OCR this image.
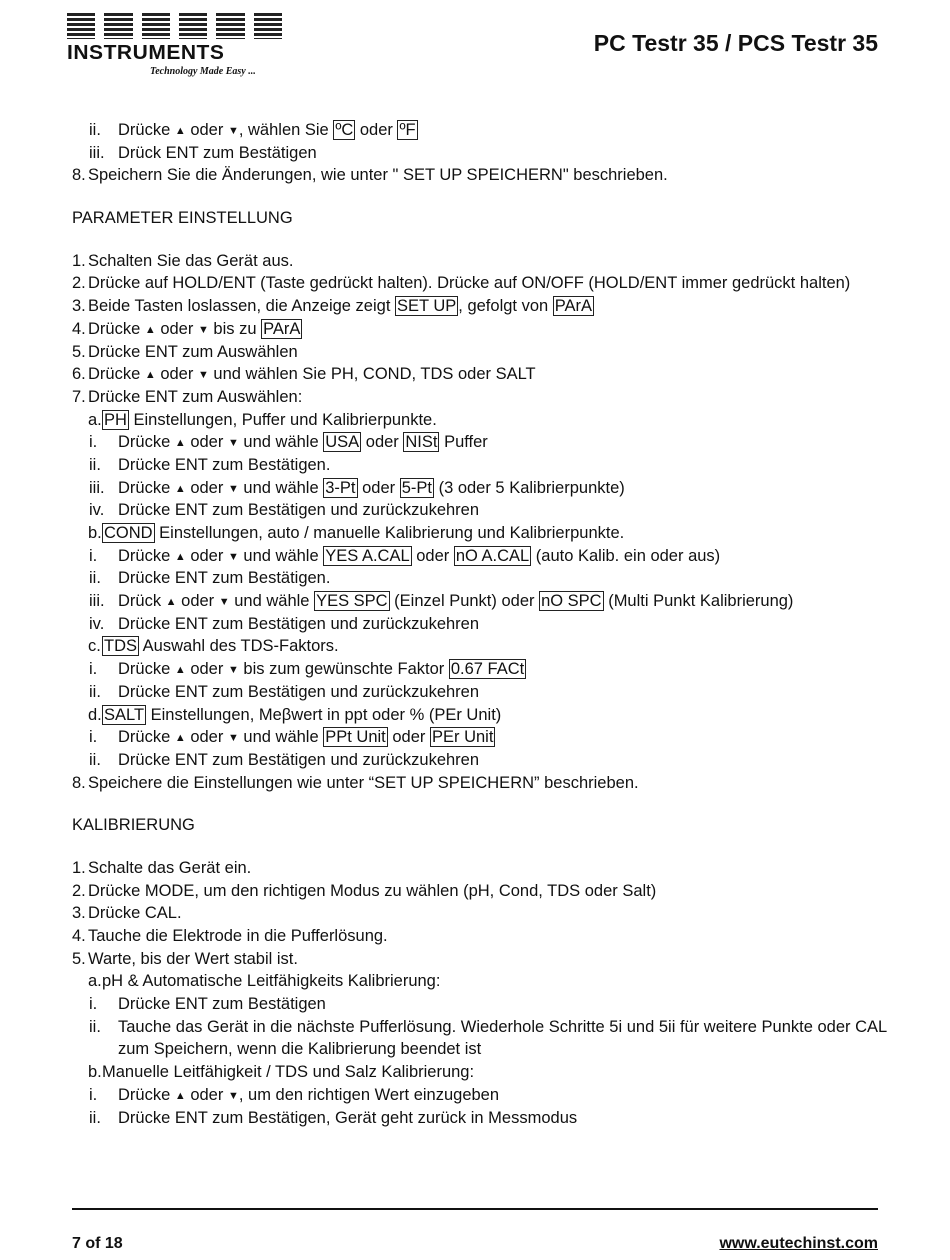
INSTRUMENTS
Technology Made Easy ...
PC Testr 35 / PCS Testr 35
ii.	Drücke ▲ oder ▼, wählen Sie ºC oder ºF
iii. Drück ENT zum Bestätigen
8. Speichern Sie die Änderungen, wie unter " SET UP SPEICHERN" beschrieben.
PARAMETER EINSTELLUNG
1. Schalten Sie das Gerät aus.
2. Drücke auf HOLD/ENT (Taste gedrückt halten). Drücke auf ON/OFF (HOLD/ENT immer gedrückt halten)
3. Beide Tasten loslassen, die Anzeige zeigt SET UP , gefolgt von PArA
4. Drücke ▲ oder ▼ bis zu PArA
5. Drücke ENT zum Auswählen
6. Drücke ▲ oder ▼ und wählen Sie PH, COND, TDS oder SALT
7. Drücke ENT zum Auswählen:
a. PH Einstellungen, Puffer und Kalibrierpunkte.
i.	Drücke ▲ oder ▼ und wähle USA oder NISt Puffer
ii.	Drücke ENT zum Bestätigen.
iii. Drücke ▲ oder ▼ und wähle 3-Pt oder 5-Pt (3 oder 5 Kalibrierpunkte)
iv. Drücke ENT zum Bestätigen und zurückzukehren
b. COND Einstellungen, auto / manuelle Kalibrierung und Kalibrierpunkte.
i.	Drücke ▲ oder ▼ und wähle YES A.CAL oder nO A.CAL (auto Kalib. ein oder aus)
ii.	Drücke ENT zum Bestätigen.
iii. Drück ▲ oder ▼ und wähle YES SPC (Einzel Punkt) oder nO SPC (Multi Punkt Kalibrierung)
iv. Drücke ENT zum Bestätigen und zurückzukehren
c. TDS Auswahl des TDS-Faktors.
i.	Drücke ▲ oder ▼ bis zum gewünschte Faktor 0.67 FACt
ii.	Drücke ENT zum Bestätigen und zurückzukehren
d. SALT Einstellungen, Meβwert in ppt oder % (PEr Unit)
i.	Drücke ▲ oder ▼ und wähle PPt Unit oder PEr Unit
ii.	Drücke ENT zum Bestätigen und zurückzukehren
8. Speichere die Einstellungen wie unter “SET UP SPEICHERN” beschrieben.
KALIBRIERUNG
1. Schalte das Gerät ein.
2. Drücke MODE, um den richtigen Modus zu wählen (pH, Cond, TDS oder Salt)
3. Drücke CAL.
4. Tauche die Elektrode in die Pufferlösung.
5. Warte, bis der Wert stabil ist.
a. pH & Automatische Leitfähigkeits Kalibrierung:
i.	Drücke ENT zum Bestätigen
ii.	Tauche das Gerät in die nächste Pufferlösung. Wiederhole Schritte 5i und 5ii für weitere Punkte oder CAL
zum Speichern, wenn die Kalibrierung beendet ist
b. Manuelle Leitfähigkeit / TDS und Salz Kalibrierung:
i.	Drücke ▲ oder ▼, um den richtigen Wert einzugeben
ii.	Drücke ENT zum Bestätigen, Gerät geht zurück in Messmodus
7 of 18	www.eutechinst.com
